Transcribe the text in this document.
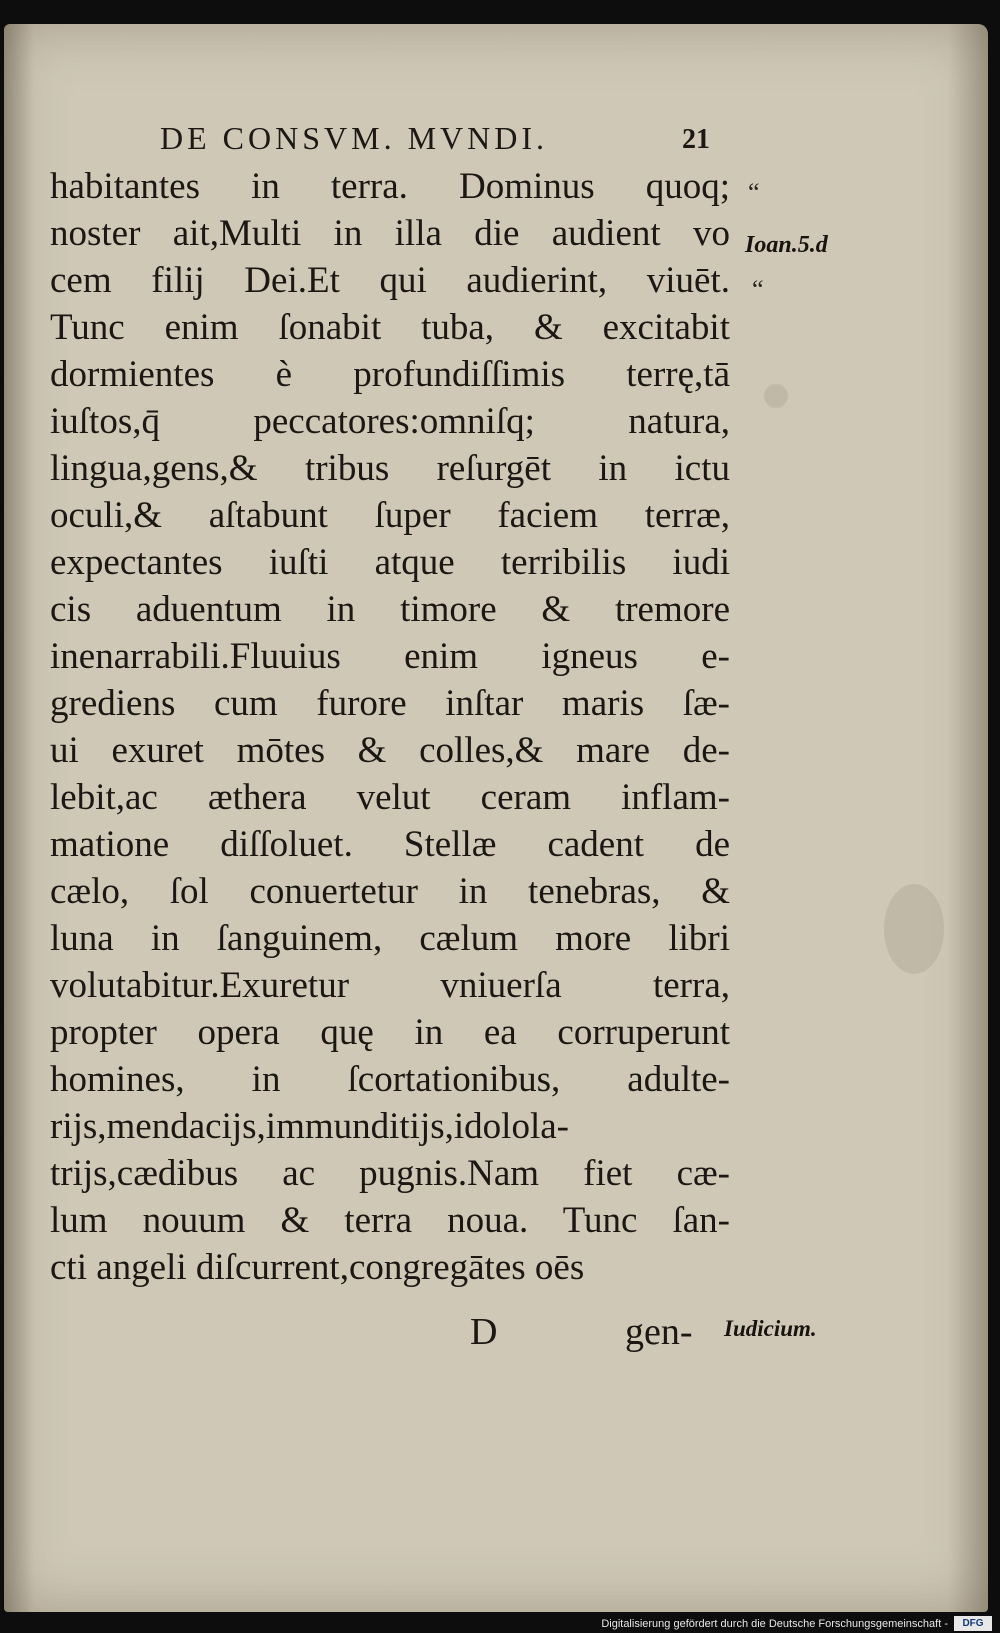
DE CONSVM. MVNDI.	21
habitantes in terra. Dominus quoq;
noster ait,Multi in illa die audient vo
cem filij Dei.Et qui audierint, viuēt.
Tunc enim ſonabit tuba, & excitabit
dormientes è profundiſſimis terrę,tā
iuſtos,q̄ peccatores:omniſq; natura,
lingua,gens,& tribus reſurgēt in ictu
oculi,& aſtabunt ſuper faciem terræ,
expectantes iuſti atque terribilis iudi
cis aduentum in timore & tremore
inenarrabili.Fluuius enim igneus e-
grediens cum furore inſtar maris ſæ-
ui exuret mōtes & colles,& mare de-
lebit,ac æthera velut ceram inflam-
matione diſſoluet. Stellæ cadent de
cælo, ſol conuertetur in tenebras, &
luna in ſanguinem, cælum more libri
volutabitur.Exuretur vniuerſa terra,
propter opera quę in ea corruperunt
homines, in ſcortationibus, adulte-
rijs,mendacijs,immunditijs,idolola-
trijs,cædibus ac pugnis.Nam fiet cæ-
lum nouum & terra noua. Tunc ſan-
cti angeli diſcurrent,congregātes oēs
“
Ioan.5.d
“
Iudicium.
D	gen-
Digitalisierung gefördert durch die Deutsche Forschungsgemeinschaft -	DFG
